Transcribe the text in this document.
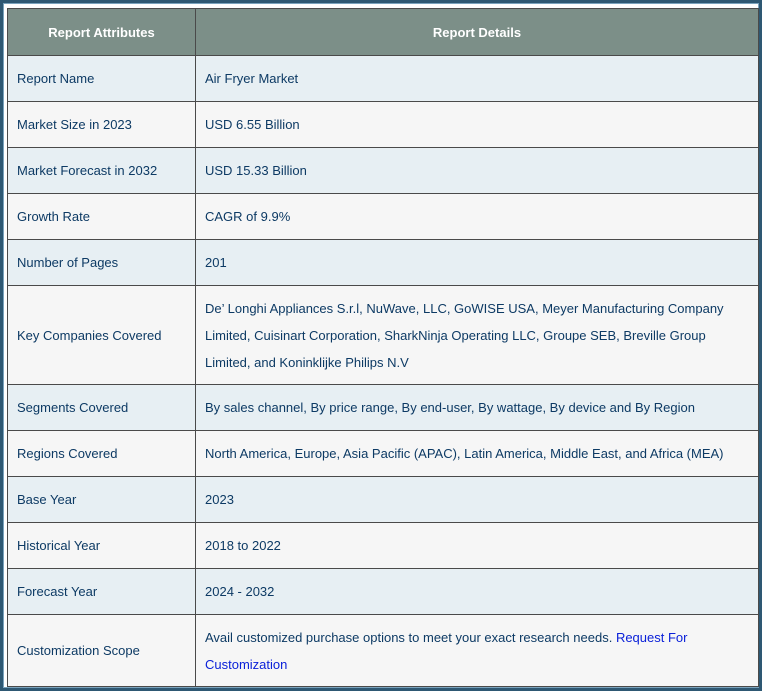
Report Attributes	Report Details
Report Name	Air Fryer Market
Market Size in 2023	USD 6.55 Billion
Market Forecast in 2032	USD 15.33 Billion
Growth Rate	CAGR of 9.9%
Number of Pages	201
Key Companies Covered	De’ Longhi Appliances S.r.l, NuWave, LLC, GoWISE USA, Meyer Manufacturing Company Limited, Cuisinart Corporation, SharkNinja Operating LLC, Groupe SEB, Breville Group Limited, and Koninklijke Philips N.V
Segments Covered	By sales channel, By price range, By end-user, By wattage, By device and By Region
Regions Covered	North America, Europe, Asia Pacific (APAC), Latin America, Middle East, and Africa (MEA)
Base Year	2023
Historical Year	2018 to 2022
Forecast Year	2024 - 2032
Customization Scope	Avail customized purchase options to meet your exact research needs. Request For Customization
